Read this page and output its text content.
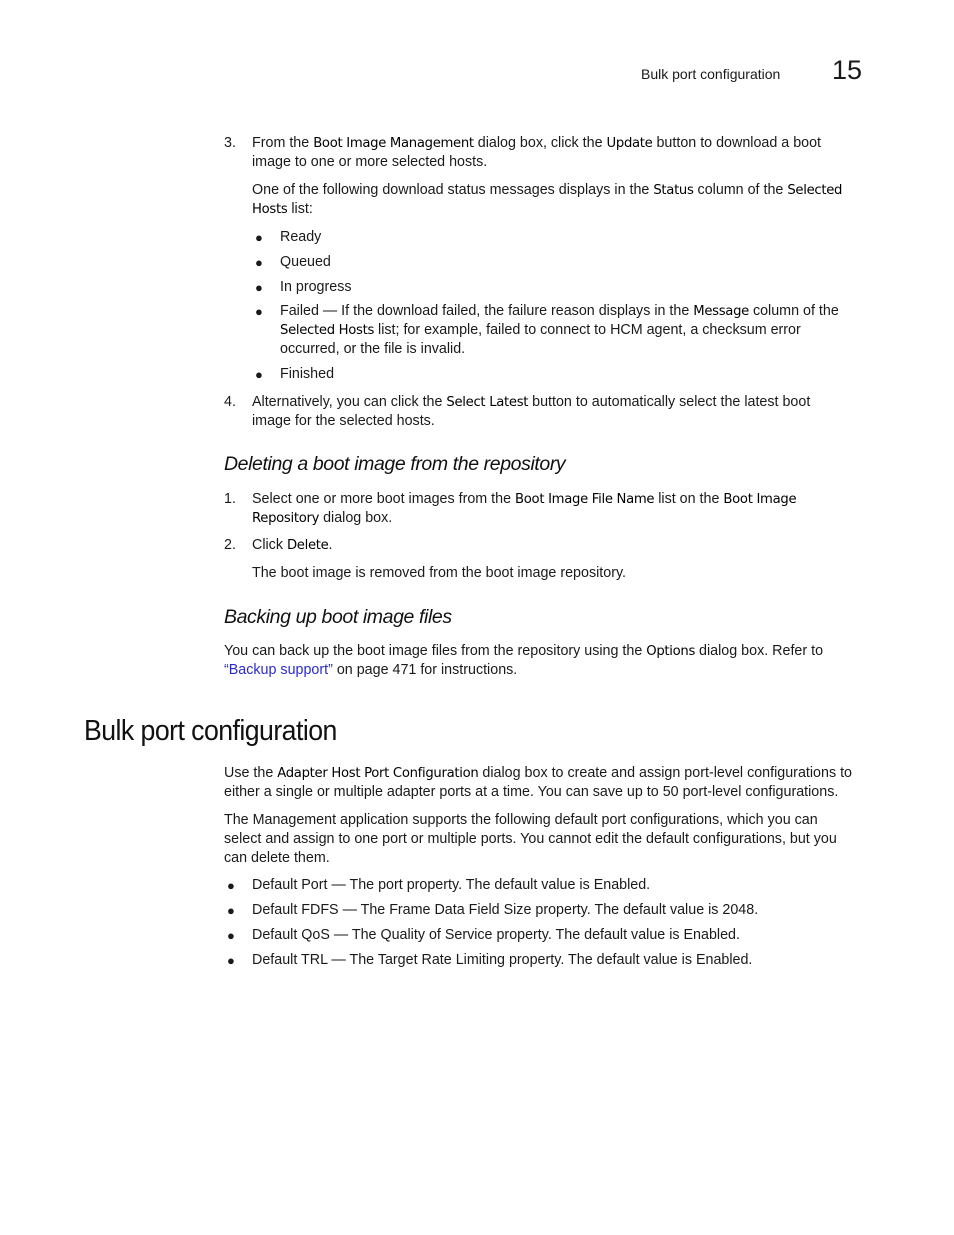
Bulk port configuration 15
3. From the Boot Image Management dialog box, click the Update button to download a boot
image to one or more selected hosts.
One of the following download status messages displays in the Status column of the Selected
Hosts list:
● Ready
● Queued
● In progress
● Failed — If the download failed, the failure reason displays in the Message column of the
Selected Hosts list; for example, failed to connect to HCM agent, a checksum error
occurred, or the file is invalid.
● Finished
4. Alternatively, you can click the Select Latest button to automatically select the latest boot
image for the selected hosts.
Deleting a boot image from the repository
1. Select one or more boot images from the Boot Image File Name list on the Boot Image
Repository dialog box.
2. Click Delete.
The boot image is removed from the boot image repository.
Backing up boot image files
You can back up the boot image files from the repository using the Options dialog box. Refer to
“Backup support” on page 471 for instructions.
Bulk port configuration
Use the Adapter Host Port Configuration dialog box to create and assign port-level configurations to
either a single or multiple adapter ports at a time. You can save up to 50 port-level configurations.
The Management application supports the following default port configurations, which you can
select and assign to one port or multiple ports. You cannot edit the default configurations, but you
can delete them.
● Default Port — The port property. The default value is Enabled.
● Default FDFS — The Frame Data Field Size property. The default value is 2048.
● Default QoS — The Quality of Service property. The default value is Enabled.
● Default TRL — The Target Rate Limiting property. The default value is Enabled.
